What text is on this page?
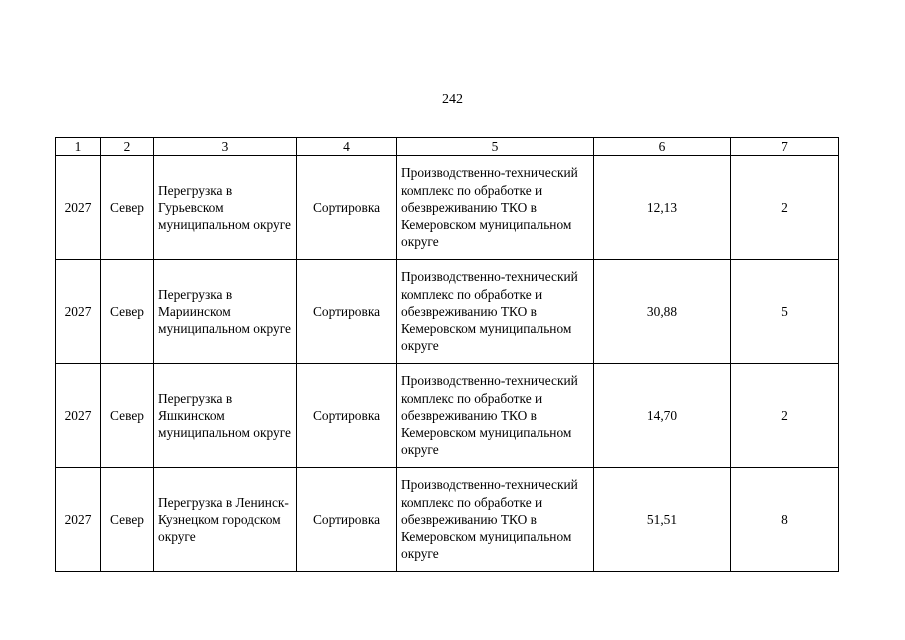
242
1	2	3	4	5	6	7
2027	Север	Перегрузка в Гурьевском муниципальном округе	Сортировка	Производственно-технический комплекс по обработке и обезвреживанию ТКО в Кемеровском муниципальном округе	12,13	2
2027	Север	Перегрузка в Мариинском муниципальном округе	Сортировка	Производственно-технический комплекс по обработке и обезвреживанию ТКО в Кемеровском муниципальном округе	30,88	5
2027	Север	Перегрузка в Яшкинском муниципальном округе	Сортировка	Производственно-технический комплекс по обработке и обезвреживанию ТКО в Кемеровском муниципальном округе	14,70	2
2027	Север	Перегрузка в Ленинск-Кузнецком городском округе	Сортировка	Производственно-технический комплекс по обработке и обезвреживанию ТКО в Кемеровском муниципальном округе	51,51	8
